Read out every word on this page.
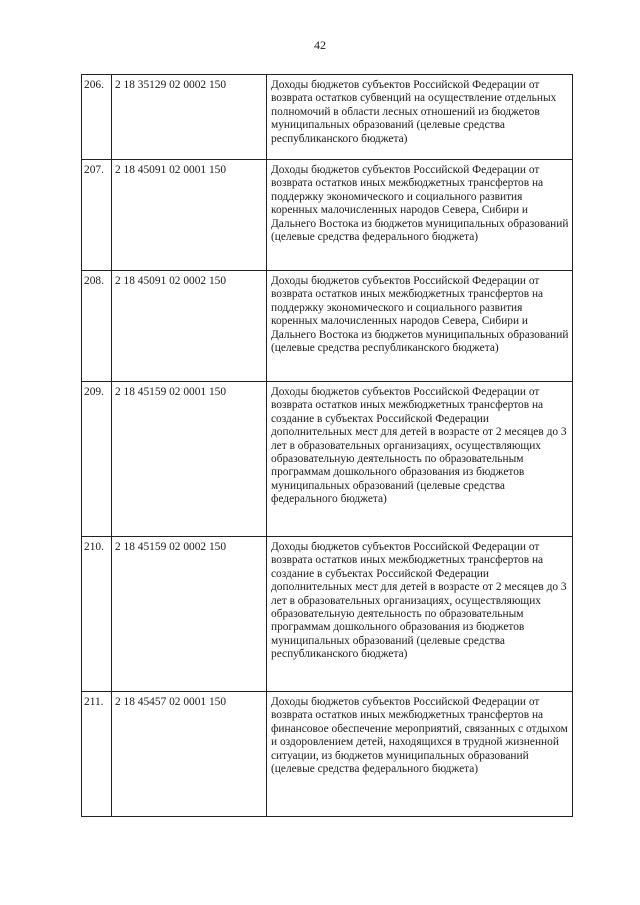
42
206.	2 18 35129 02 0002 150	Доходы бюджетов субъектов Российской Федерации от возврата остатков субвенций на осуществление отдельных полномочий в области лесных отношений из бюджетов муниципальных образований (целевые средства республиканского бюджета)
207.	2 18 45091 02 0001 150	Доходы бюджетов субъектов Российской Федерации от возврата остатков иных межбюджетных трансфертов на поддержку экономического и социального развития коренных малочисленных народов Севера, Сибири и Дальнего Востока из бюджетов муниципальных образований (целевые средства федерального бюджета)
208.	2 18 45091 02 0002 150	Доходы бюджетов субъектов Российской Федерации от возврата остатков иных межбюджетных трансфертов на поддержку экономического и социального развития коренных малочисленных народов Севера, Сибири и Дальнего Востока из бюджетов муниципальных образований (целевые средства республиканского бюджета)
209.	2 18 45159 02 0001 150	Доходы бюджетов субъектов Российской Федерации от возврата остатков иных межбюджетных трансфертов на создание в субъектах Российской Федерации дополнительных мест для детей в возрасте от 2 месяцев до 3 лет в образовательных организациях, осуществляющих образовательную деятельность по образовательным программам дошкольного образования из бюджетов муниципальных образований (целевые средства федерального бюджета)
210.	2 18 45159 02 0002 150	Доходы бюджетов субъектов Российской Федерации от возврата остатков иных межбюджетных трансфертов на создание в субъектах Российской Федерации дополнительных мест для детей в возрасте от 2 месяцев до 3 лет в образовательных организациях, осуществляющих образовательную деятельность по образовательным программам дошкольного образования из бюджетов муниципальных образований (целевые средства республиканского бюджета)
211.	2 18 45457 02 0001 150	Доходы бюджетов субъектов Российской Федерации от возврата остатков иных межбюджетных трансфертов на финансовое обеспечение мероприятий, связанных с отдыхом и оздоровлением детей, находящихся в трудной жизненной ситуации, из бюджетов муниципальных образований (целевые средства федерального бюджета)
